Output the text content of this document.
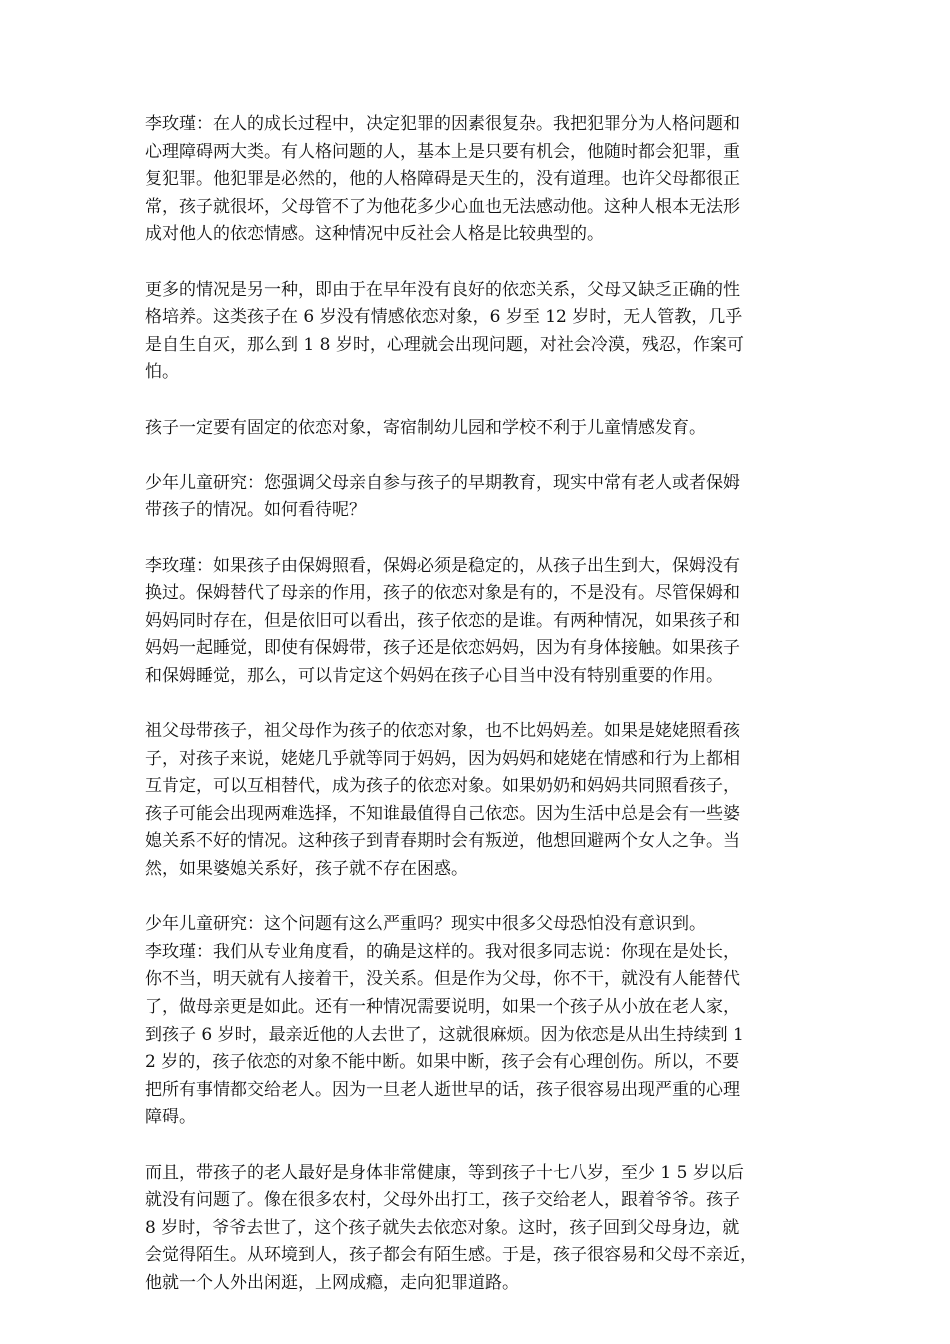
李玫瑾：在人的成长过程中，决定犯罪的因素很复杂。我把犯罪分为人格问题和
心理障碍两大类。有人格问题的人，基本上是只要有机会，他随时都会犯罪，重
复犯罪。他犯罪是必然的，他的人格障碍是天生的，没有道理。也许父母都很正
常，孩子就很坏，父母管不了为他花多少心血也无法感动他。这种人根本无法形
成对他人的依恋情感。这种情况中反社会人格是比较典型的。

更多的情况是另一种，即由于在早年没有良好的依恋关系，父母又缺乏正确的性
格培养。这类孩子在 6 岁没有情感依恋对象，6 岁至 12 岁时，无人管教，几乎
是自生自灭，那么到 1 8 岁时，心理就会出现问题，对社会冷漠，残忍，作案可
怕。

孩子一定要有固定的依恋对象，寄宿制幼儿园和学校不利于儿童情感发育。

少年儿童研究：您强调父母亲自参与孩子的早期教育，现实中常有老人或者保姆
带孩子的情况。如何看待呢？

李玫瑾：如果孩子由保姆照看，保姆必须是稳定的，从孩子出生到大，保姆没有
换过。保姆替代了母亲的作用，孩子的依恋对象是有的，不是没有。尽管保姆和
妈妈同时存在，但是依旧可以看出，孩子依恋的是谁。有两种情况，如果孩子和
妈妈一起睡觉，即使有保姆带，孩子还是依恋妈妈，因为有身体接触。如果孩子
和保姆睡觉，那么，可以肯定这个妈妈在孩子心目当中没有特别重要的作用。

祖父母带孩子，祖父母作为孩子的依恋对象，也不比妈妈差。如果是姥姥照看孩
子，对孩子来说，姥姥几乎就等同于妈妈，因为妈妈和姥姥在情感和行为上都相
互肯定，可以互相替代，成为孩子的依恋对象。如果奶奶和妈妈共同照看孩子，
孩子可能会出现两难选择，不知谁最值得自己依恋。因为生活中总是会有一些婆
媳关系不好的情况。这种孩子到青春期时会有叛逆，他想回避两个女人之争。当
然，如果婆媳关系好，孩子就不存在困惑。

少年儿童研究：这个问题有这么严重吗？现实中很多父母恐怕没有意识到。

李玫瑾：我们从专业角度看，的确是这样的。我对很多同志说：你现在是处长，
你不当，明天就有人接着干，没关系。但是作为父母，你不干，就没有人能替代
了，做母亲更是如此。还有一种情况需要说明，如果一个孩子从小放在老人家，
到孩子 6 岁时，最亲近他的人去世了，这就很麻烦。因为依恋是从出生持续到 1
2 岁的，孩子依恋的对象不能中断。如果中断，孩子会有心理创伤。所以，不要
把所有事情都交给老人。因为一旦老人逝世早的话，孩子很容易出现严重的心理
障碍。

而且，带孩子的老人最好是身体非常健康，等到孩子十七八岁，至少 1 5 岁以后
就没有问题了。像在很多农村，父母外出打工，孩子交给老人，跟着爷爷。孩子
8 岁时，爷爷去世了，这个孩子就失去依恋对象。这时，孩子回到父母身边，就
会觉得陌生。从环境到人，孩子都会有陌生感。于是，孩子很容易和父母不亲近，
他就一个人外出闲逛，上网成瘾，走向犯罪道路。
